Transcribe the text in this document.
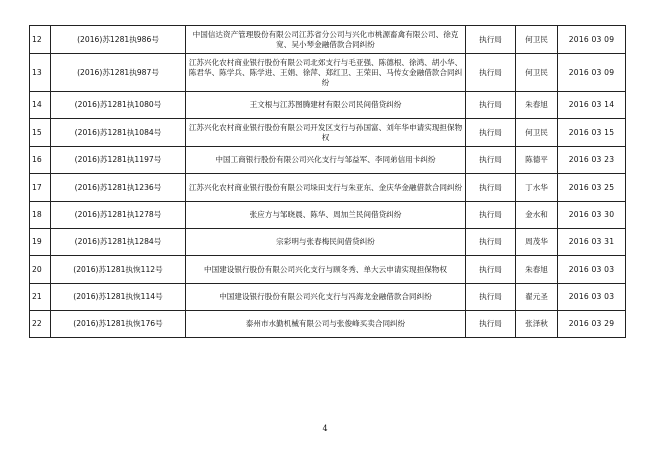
12	(2016)苏1281执986号	中国信达资产管理股份有限公司江苏省分公司与兴化市桃源畜禽有限公司、徐克宽、吴小琴金融借款合同纠纷	执行局	何卫民	2016 03 09
13	(2016)苏1281执987号	江苏兴化农村商业银行股份有限公司北郊支行与毛亚强、陈德根、徐鸿、胡小华、陈君华、陈学兵、陈学进、王娟、徐萍、郑红卫、王荣田、马传女金融借款合同纠纷	执行局	何卫民	2016 03 09
14	(2016)苏1281执1080号	王文根与江苏图腾建材有限公司民间借贷纠纷	执行局	朱春旭	2016 03 14
15	(2016)苏1281执1084号	江苏兴化农村商业银行股份有限公司开发区支行与孙国富、刘年华申请实现担保物权	执行局	何卫民	2016 03 15
16	(2016)苏1281执1197号	中国工商银行股份有限公司兴化支行与邹益军、李同弟信用卡纠纷	执行局	陈德平	2016 03 23
17	(2016)苏1281执1236号	江苏兴化农村商业银行股份有限公司垛田支行与朱亚东、金庆华金融借款合同纠纷	执行局	丁水华	2016 03 25
18	(2016)苏1281执1278号	张应方与邹晓晨、陈华、周加兰民间借贷纠纷	执行局	金水和	2016 03 30
19	(2016)苏1281执1284号	宗彩明与张春梅民间借贷纠纷	执行局	周茂华	2016 03 31
20	(2016)苏1281执恢112号	中国建设银行股份有限公司兴化支行与顾冬秀、单大云申请实现担保物权	执行局	朱春旭	2016 03 03
21	(2016)苏1281执恢114号	中国建设银行股份有限公司兴化支行与冯海龙金融借款合同纠纷	执行局	翟元圣	2016 03 03
22	(2016)苏1281执恢176号	泰州市水勤机械有限公司与张俊峰买卖合同纠纷	执行局	张泽秋	2016 03 29
4
